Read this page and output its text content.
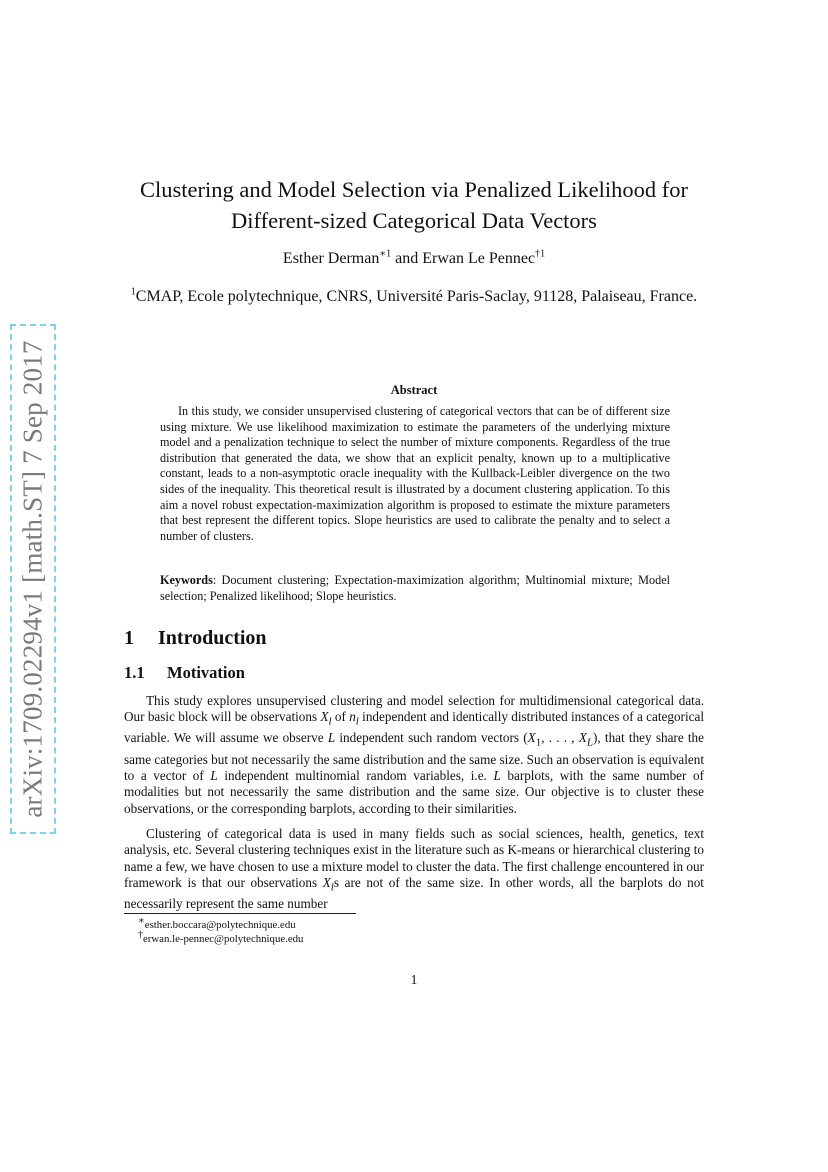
arXiv:1709.02294v1 [math.ST] 7 Sep 2017
Clustering and Model Selection via Penalized Likelihood for Different-sized Categorical Data Vectors
Esther Derman$^{∗1}$ and Erwan Le Pennec$^{\dagger 1}$
$^1$CMAP, Ecole polytechnique, CNRS, Université Paris-Saclay, 91128, Palaiseau, France.
Abstract
In this study, we consider unsupervised clustering of categorical vectors that can be of different size using mixture. We use likelihood maximization to estimate the parameters of the underlying mixture model and a penalization technique to select the number of mixture components. Regardless of the true distribution that generated the data, we show that an explicit penalty, known up to a multiplicative constant, leads to a non-asymptotic oracle inequality with the Kullback-Leibler divergence on the two sides of the inequality. This theoretical result is illustrated by a document clustering application. To this aim a novel robust expectation-maximization algorithm is proposed to estimate the mixture parameters that best represent the different topics. Slope heuristics are used to calibrate the penalty and to select a number of clusters.
Keywords: Document clustering; Expectation-maximization algorithm; Multinomial mixture; Model selection; Penalized likelihood; Slope heuristics.
1 Introduction
1.1 Motivation
This study explores unsupervised clustering and model selection for multidimensional categorical data. Our basic block will be observations $X_l$ of $n_l$ independent and identically distributed instances of a categorical variable. We will assume we observe L independent such random vectors ($X_1$, . . . , $X_L$), that they share the same categories but not necessarily the same distribution and the same size. Such an observation is equivalent to a vector of L independent multinomial random variables, i.e. L barplots, with the same number of modalities but not necessarily the same distribution and the same size. Our objective is to cluster these observations, or the corresponding barplots, according to their similarities.
Clustering of categorical data is used in many fields such as social sciences, health, genetics, text analysis, etc. Several clustering techniques exist in the literature such as K-means or hierarchical clustering to name a few, we have chosen to use a mixture model to cluster the data. The first challenge encountered in our framework is that our observations $X_ls$ are not of the same size. In other words, all the barplots do not necessarily represent the same number
∗esther.boccara@polytechnique.edu
†erwan.le-pennec@polytechnique.edu
1
